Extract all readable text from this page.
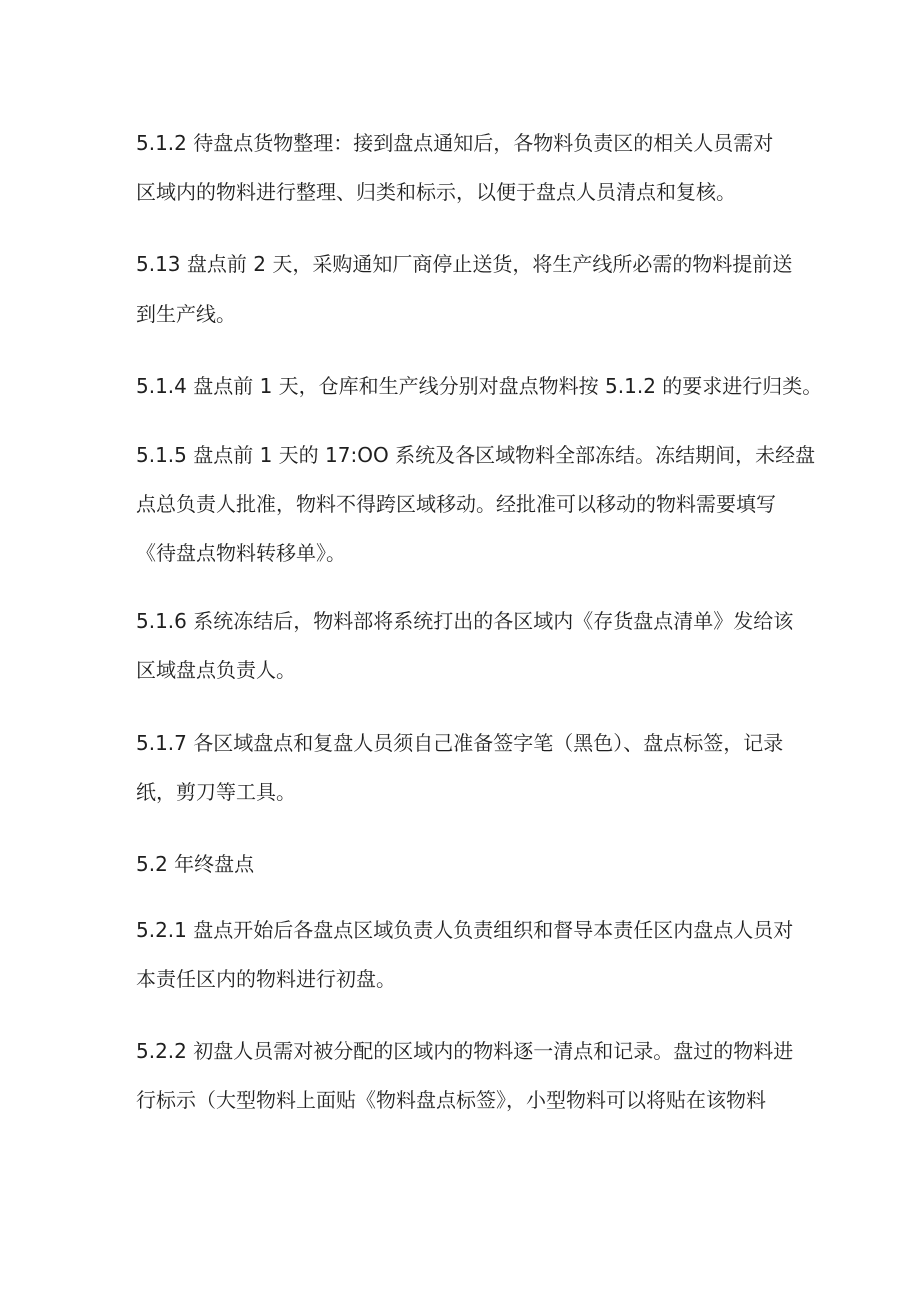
5.1.2 待盘点货物整理：接到盘点通知后，各物料负责区的相关人员需对
区域内的物料进行整理、归类和标示，以便于盘点人员清点和复核。
5.13 盘点前 2 天，采购通知厂商停止送货，将生产线所必需的物料提前送
到生产线。
5.1.4 盘点前 1 天，仓库和生产线分别对盘点物料按 5.1.2 的要求进行归类。
5.1.5 盘点前 1 天的 17:OO 系统及各区域物料全部冻结。冻结期间，未经盘
点总负责人批准，物料不得跨区域移动。经批准可以移动的物料需要填写
《待盘点物料转移单》。
5.1.6 系统冻结后，物料部将系统打出的各区域内《存货盘点清单》发给该
区域盘点负责人。
5.1.7 各区域盘点和复盘人员须自己准备签字笔（黑色）、盘点标签，记录
纸，剪刀等工具。
5.2 年终盘点
5.2.1 盘点开始后各盘点区域负责人负责组织和督导本责任区内盘点人员对
本责任区内的物料进行初盘。
5.2.2 初盘人员需对被分配的区域内的物料逐一清点和记录。盘过的物料进
行标示（大型物料上面贴《物料盘点标签》，小型物料可以将贴在该物料
